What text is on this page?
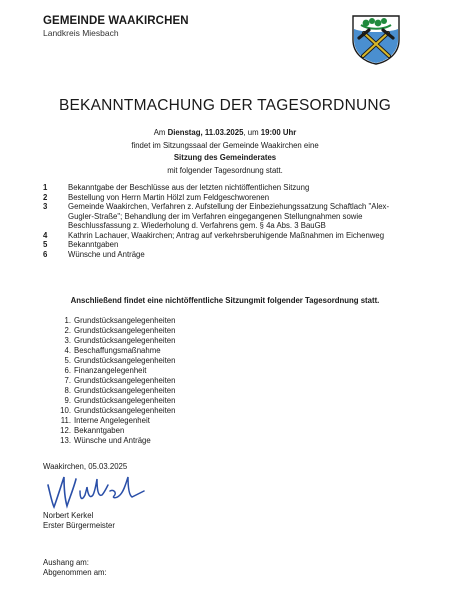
GEMEINDE WAAKIRCHEN
Landkreis Miesbach
BEKANNTMACHUNG DER TAGESORDNUNG
Am Dienstag, 11.03.2025, um 19:00 Uhr
findet im Sitzungssaal der Gemeinde Waakirchen eine
Sitzung des Gemeinderates
mit folgender Tagesordnung statt.
1	Bekanntgabe der Beschlüsse aus der letzten nichtöffentlichen Sitzung
2	Bestellung von Herrn Martin Hölzl zum Feldgeschworenen
3	Gemeinde Waakirchen, Verfahren z. Aufstellung der Einbeziehungssatzung Schaftlach "Alex-Gugler-Straße"; Behandlung der im Verfahren eingegangenen Stellungnahmen sowie Beschlussfassung z. Wiederholung d. Verfahrens gem. § 4a Abs. 3 BauGB
4	Kathrin Lachauer, Waakirchen; Antrag auf verkehrsberuhigende Maßnahmen im Eichenweg
5	Bekanntgaben
6	Wünsche und Anträge
Anschließend findet eine nichtöffentliche Sitzungmit folgender Tagesordnung statt.
1. Grundstücksangelegenheiten
2. Grundstücksangelegenheiten
3. Grundstücksangelegenheiten
4. Beschaffungsmaßnahme
5. Grundstücksangelegenheiten
6. Finanzangelegenheit
7. Grundstücksangelegenheiten
8. Grundstücksangelegenheiten
9. Grundstücksangelegenheiten
10. Grundstücksangelegenheiten
11. Interne Angelegenheit
12. Bekanntgaben
13. Wünsche und Anträge
Waakirchen, 05.03.2025
Norbert Kerkel
Erster Bürgermeister
Aushang am:
Abgenommen am:
